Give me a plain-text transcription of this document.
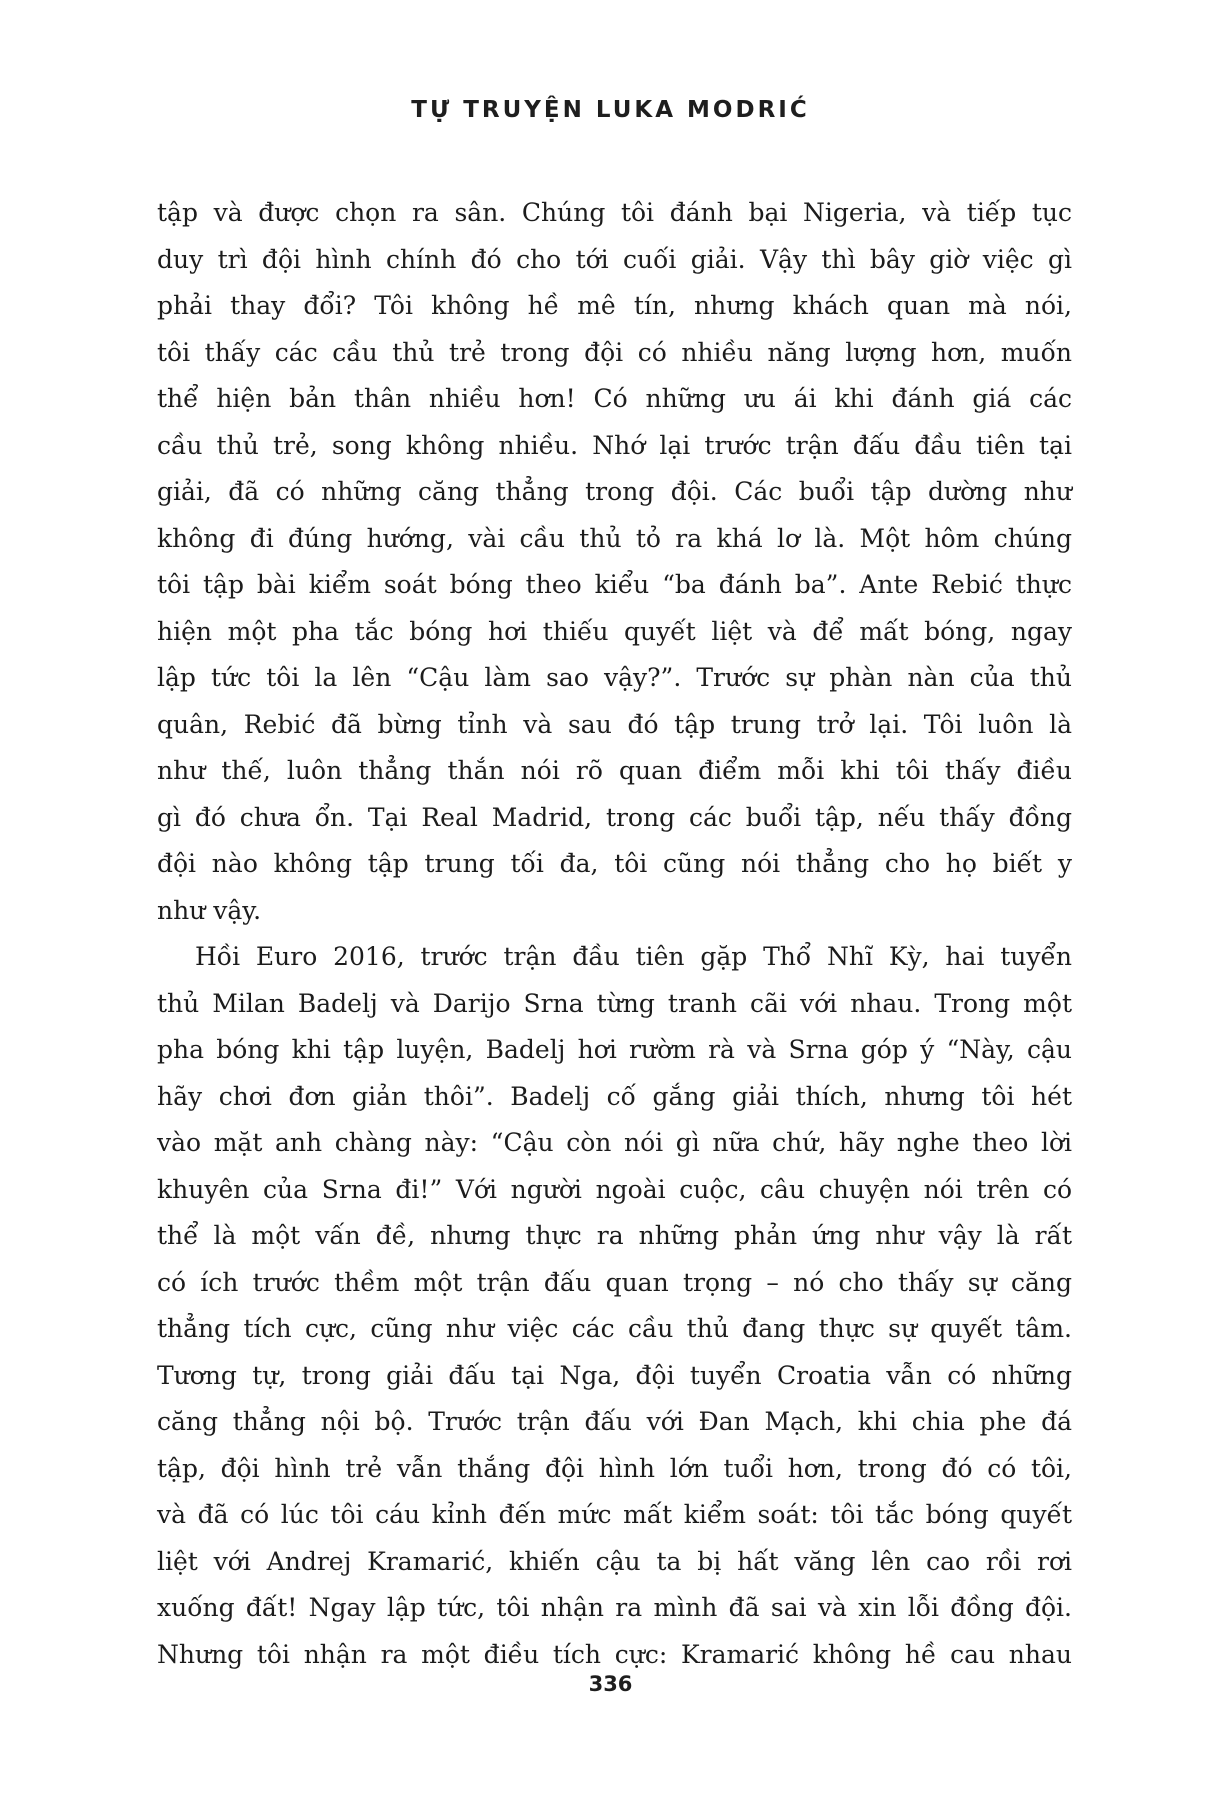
TỰ TRUYỆN LUKA MODRIĆ
tập và được chọn ra sân. Chúng tôi đánh bại Nigeria, và tiếp tục
duy trì đội hình chính đó cho tới cuối giải. Vậy thì bây giờ việc gì
phải thay đổi? Tôi không hề mê tín, nhưng khách quan mà nói,
tôi thấy các cầu thủ trẻ trong đội có nhiều năng lượng hơn, muốn
thể hiện bản thân nhiều hơn! Có những ưu ái khi đánh giá các
cầu thủ trẻ, song không nhiều. Nhớ lại trước trận đấu đầu tiên tại
giải, đã có những căng thẳng trong đội. Các buổi tập dường như
không đi đúng hướng, vài cầu thủ tỏ ra khá lơ là. Một hôm chúng
tôi tập bài kiểm soát bóng theo kiểu “ba đánh ba”. Ante Rebić thực
hiện một pha tắc bóng hơi thiếu quyết liệt và để mất bóng, ngay
lập tức tôi la lên “Cậu làm sao vậy?”. Trước sự phàn nàn của thủ
quân, Rebić đã bừng tỉnh và sau đó tập trung trở lại. Tôi luôn là
như thế, luôn thẳng thắn nói rõ quan điểm mỗi khi tôi thấy điều
gì đó chưa ổn. Tại Real Madrid, trong các buổi tập, nếu thấy đồng
đội nào không tập trung tối đa, tôi cũng nói thẳng cho họ biết y
như vậy.
Hồi Euro 2016, trước trận đầu tiên gặp Thổ Nhĩ Kỳ, hai tuyển
thủ Milan Badelj và Darijo Srna từng tranh cãi với nhau. Trong một
pha bóng khi tập luyện, Badelj hơi rườm rà và Srna góp ý “Này, cậu
hãy chơi đơn giản thôi”. Badelj cố gắng giải thích, nhưng tôi hét
vào mặt anh chàng này: “Cậu còn nói gì nữa chứ, hãy nghe theo lời
khuyên của Srna đi!” Với người ngoài cuộc, câu chuyện nói trên có
thể là một vấn đề, nhưng thực ra những phản ứng như vậy là rất
có ích trước thềm một trận đấu quan trọng – nó cho thấy sự căng
thẳng tích cực, cũng như việc các cầu thủ đang thực sự quyết tâm.
Tương tự, trong giải đấu tại Nga, đội tuyển Croatia vẫn có những
căng thẳng nội bộ. Trước trận đấu với Đan Mạch, khi chia phe đá
tập, đội hình trẻ vẫn thắng đội hình lớn tuổi hơn, trong đó có tôi,
và đã có lúc tôi cáu kỉnh đến mức mất kiểm soát: tôi tắc bóng quyết
liệt với Andrej Kramarić, khiến cậu ta bị hất văng lên cao rồi rơi
xuống đất! Ngay lập tức, tôi nhận ra mình đã sai và xin lỗi đồng đội.
Nhưng tôi nhận ra một điều tích cực: Kramarić không hề cau nhau
336
